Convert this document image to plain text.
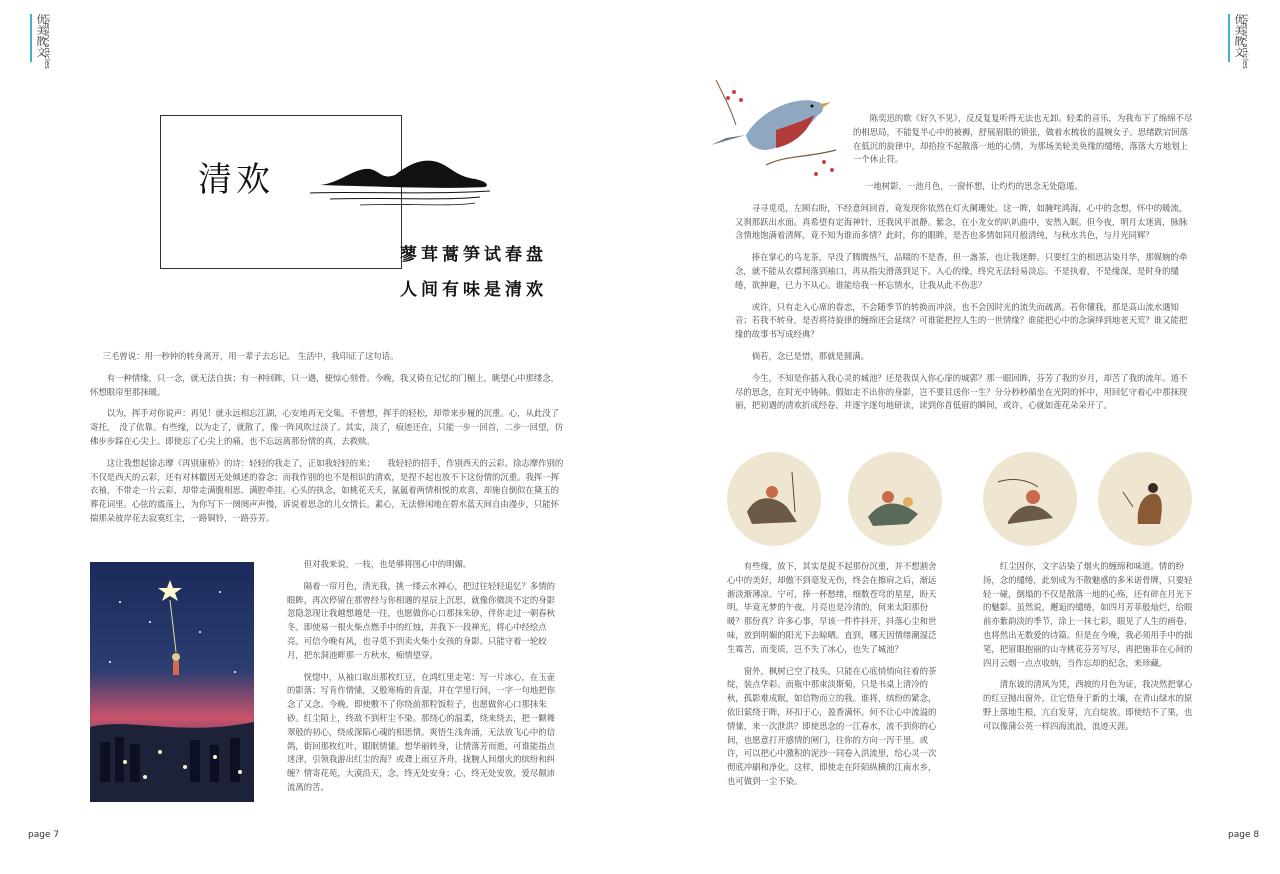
优美散文
Literary articles	优美散文
Literary articles
清欢
蓼茸蒿笋试春盘
人间有味是清欢

三毛曾说：用一秒钟的转身离开，用一辈子去忘记。 生活中，我印证了这句话。

有一种情缘，只一念，就无法自拔；有一种回眸，只一遇，便惊心刻骨。今晚，我又倚在记忆的门楣上，眺望心中那缕念，怀想眼帘里那抹暖。

以为，挥手对你说声：再见！就永远相忘江湖，心安地再无交集。不曾想，挥手的轻松，却带来步履的沉重。心，从此没了寄托，　没了依靠。有些缘，以为走了，就散了，像一阵风吹过淡了。其实，淡了，痕迹还在，只能一步一回首，二步一回望，仿佛步步踩在心尖上。即使忘了心尖上的痛，也不忘远离那份情的真，去救赎。

这让我想起徐志摩《再别康桥》的诗：轻轻的我走了，正如我轻轻的来；　　我轻轻的招手，作别西天的云彩。徐志摩作别的不仅是西天的云彩，还有对林徽因无处倾述的眷念；而我作别的也不是相识的清欢，是捏不起也放不下这份情的沉重。我挥一挥衣袖，不带走一片云彩，却带走满腹相思、满腔牵挂。心头的执念，如桃花夭夭，氤氲着两情相悦的欢喜，却施自倒似在黛玉的葬花词里。心弦的震荡上，为你写下一阕阕声声慢，诉说着思念的儿女情长。素心，无法修闲地在碧水蓝天间自由漫步，只能怀揣那朵彼岸花去寂寞红尘，一路铜铃，一路芬芳。

但对我来说，一枝，也是够将图心中的明媚。

隔着一帘月色，清光我，挑一缕云水禅心，把过往轻轻追忆？多情的眼眸，再次停留在那曾经与你相遇的星辰上沉思，就像你微淡不定的身影忽隐忽现让我越想越是一往，也愿做你心口那抹朱砂，伴你走过一朝春秋冬。即使易一根火柴点燃手中的红烛，并我下一段禅光，将心中经绘点亮。可信今晚有风，也寻觅不到卖火柴小女孩的身影。只能守着一轮皎月，把东洞池畔那一方秋水，痴情望穿。

恍惚中，从袖口取出那枚红豆，在鸿红里走笔：写一片冰心，在玉壶的影落；写肯作情愫，又般寒梅的肯湿，并在学里行间，一字一句地把你念了又念。今晚，即使敷不了你绕前那粒饭粒子，也愿做你心口那抹朱砂。红尘陌上，终敌不到杆尘不染。那绕心的温柔，绕来绕去，把一颗舞翠般的初心，绕成深陷心魂的相思情。爽悟生浅奔涌，无法放飞心中的信鸽，街回那枚红叶，眼眠情愫。想华丽转身，让情落芳而逝，可谁能指点迷津，引领我游出红尘的海？或聋上雨豆齐舟，拢腕人间烟火的缤纷和纠缠？情寄花苑，大漠沿天，念，终无处安身；心，终无处安放，爱尽颠沛流离的苦。

陈奕迅的歌《好久不见》，反反复复听得无法也无卸。轻柔的音乐，为我布下了绵绵不尽的相思局，不能复半心中的被褥，舒展眉眼的锁张，做着水梳妆的温婉女子。思绪跌宕回落在低沉的旋律中，却拾捡不起散落一地的心情，为那场美轮美奂缘的缱绻，落落大方地划上一个休止符。

一地树影，一池月色，一窗怀想，让灼灼的思念无处隐遁。

寻寻觅觅，左顾右盼，不经意间回首，竟发现你依然在灯火阑珊处。这一眸，如腌咤鸿海，心中的念想，怀中的暖流，又刹那跃出水面。真希望有定海神针，还我风平浪静。紫念，在小龙女的叭叭曲中，安然入眠。但今夜，明月太迷离，脉脉含情地饱满着清辉，竟不知为谁而多情？此时，你的眼眸，是否也多情如同月般清纯，与秋水共色，与月光同辉？

捧在掌心的乌龙茶，早没了腾腾热气，品啜的不是香，但一盏茶，也让我迷醉。只要红尘的相思沾染月华，那媒婉的牵念，就不能从衣襟间落到袖口，再从指尖滑落到足下。入心的缘，终究无法轻易淡忘。不是执着，不是缘深，是时身的缱绻，欲抻避，已力不从心。谁能给我一杯忘情水，让我从此不伤悲？

或许，只有走入心席的眷恋，不会随季节的转换而冲淡，也不会因时光的流失而疏离。若你懂我，那是高山流水遇知音；若我不转身，是否将待旋律的缠绵还会延续？可谁能把控人生的一世情缘？谁能把心中的念演绎到地老天荒？谁又能把缘的故事书写成经典？

倘若，念已是惜，那就是圆满。

今生，不知是你插入我心灵的城池？还是我误入你心扉的城郭？那一眼回眸，芬芳了我的岁月，却苦了我的流年。道不尽的思念，在时光中铸韩。假如走不出你的身影，岂不要目送你一生？分分秒秒循坐在光阴的怀中，用回忆守着心中那抹现丽，把初遇的清欢折成经卷，并逐字逐句地研读，读到你首低眉的瞬间，或许，心就如莲花朵朵开了。

有些缘，放下，其实是捉不起那份沉重，并不想割舍心中的美好，却傲不到毫发无伤，终会在擦肩之后，渐远渐淡渐薄凉。宁可，捧一杯愁绪，细数苍穹的星星，盼天明。毕竟无梦的午夜，月亮也是冷清的，何来太阳那份暖？那份真？许多心事，早该一件件抖开，抖落心尘和世味，放到明媚的阳光下去晾晒。直到，哪天因情绪潮湿泛生霉苦，而变质，岂不失了冰心，也失了城池？

窗外，枫树已空了枝头，只能在心底悄悄向往着的荼绽，装点华彩。而瓶中那束淡斯菊，只是书桌上清冷的秋，孤影难成眠，如信物而立的我。谁将，缤纷的紧念，依旧萦绕于眸，环扣于心，盈香满怀。何不让心中流溢的情愫，来一次泄洪？即使思念的一江春水，流不到你的心间，也愿意打开感情的闸门，往你的方向一泻千里。或许，可以把心中激积的泥沙一同卷入洪流里，给心灵一次彻底冲刷和净化。这样，即使走在阡陌纵横的江南水乡，也可做到一尘不染。

红尘因你，文字沾染了烟火的缠绵和味道。情的纷扬，念的缱绻，此刻成为不散魅惑的多米诺骨牌，只要轻轻一碰，倒塌的不仅是散落一地的心殇，还有碎在月光下的魅影。虽然说，邂逅的缱绻，如四月芳菲般灿烂，给眼前亦紫韵淡的季节，涂上一抹七彩，眼见了人生的画卷，也将然出无数爱的诗篇。但是在今晚，我必须用手中的拙笔，把眉眼抱丽的山寺桃花芬芳写尽，再把施菲在心间的四月云烟一点点收纳，当作忘却的纪念，来珍藏。

清东诐的清风为凭，西坡的月色为证，我决然把掌心的红豆抛出窗外，让它悟身于新的土壤，在青山绿水的原野上落地生根，亢自发芽，亢自绽放。即使结不了果，也可以像蒲公英一样四海流浪，浪迹天涯。

page 7	page 8
